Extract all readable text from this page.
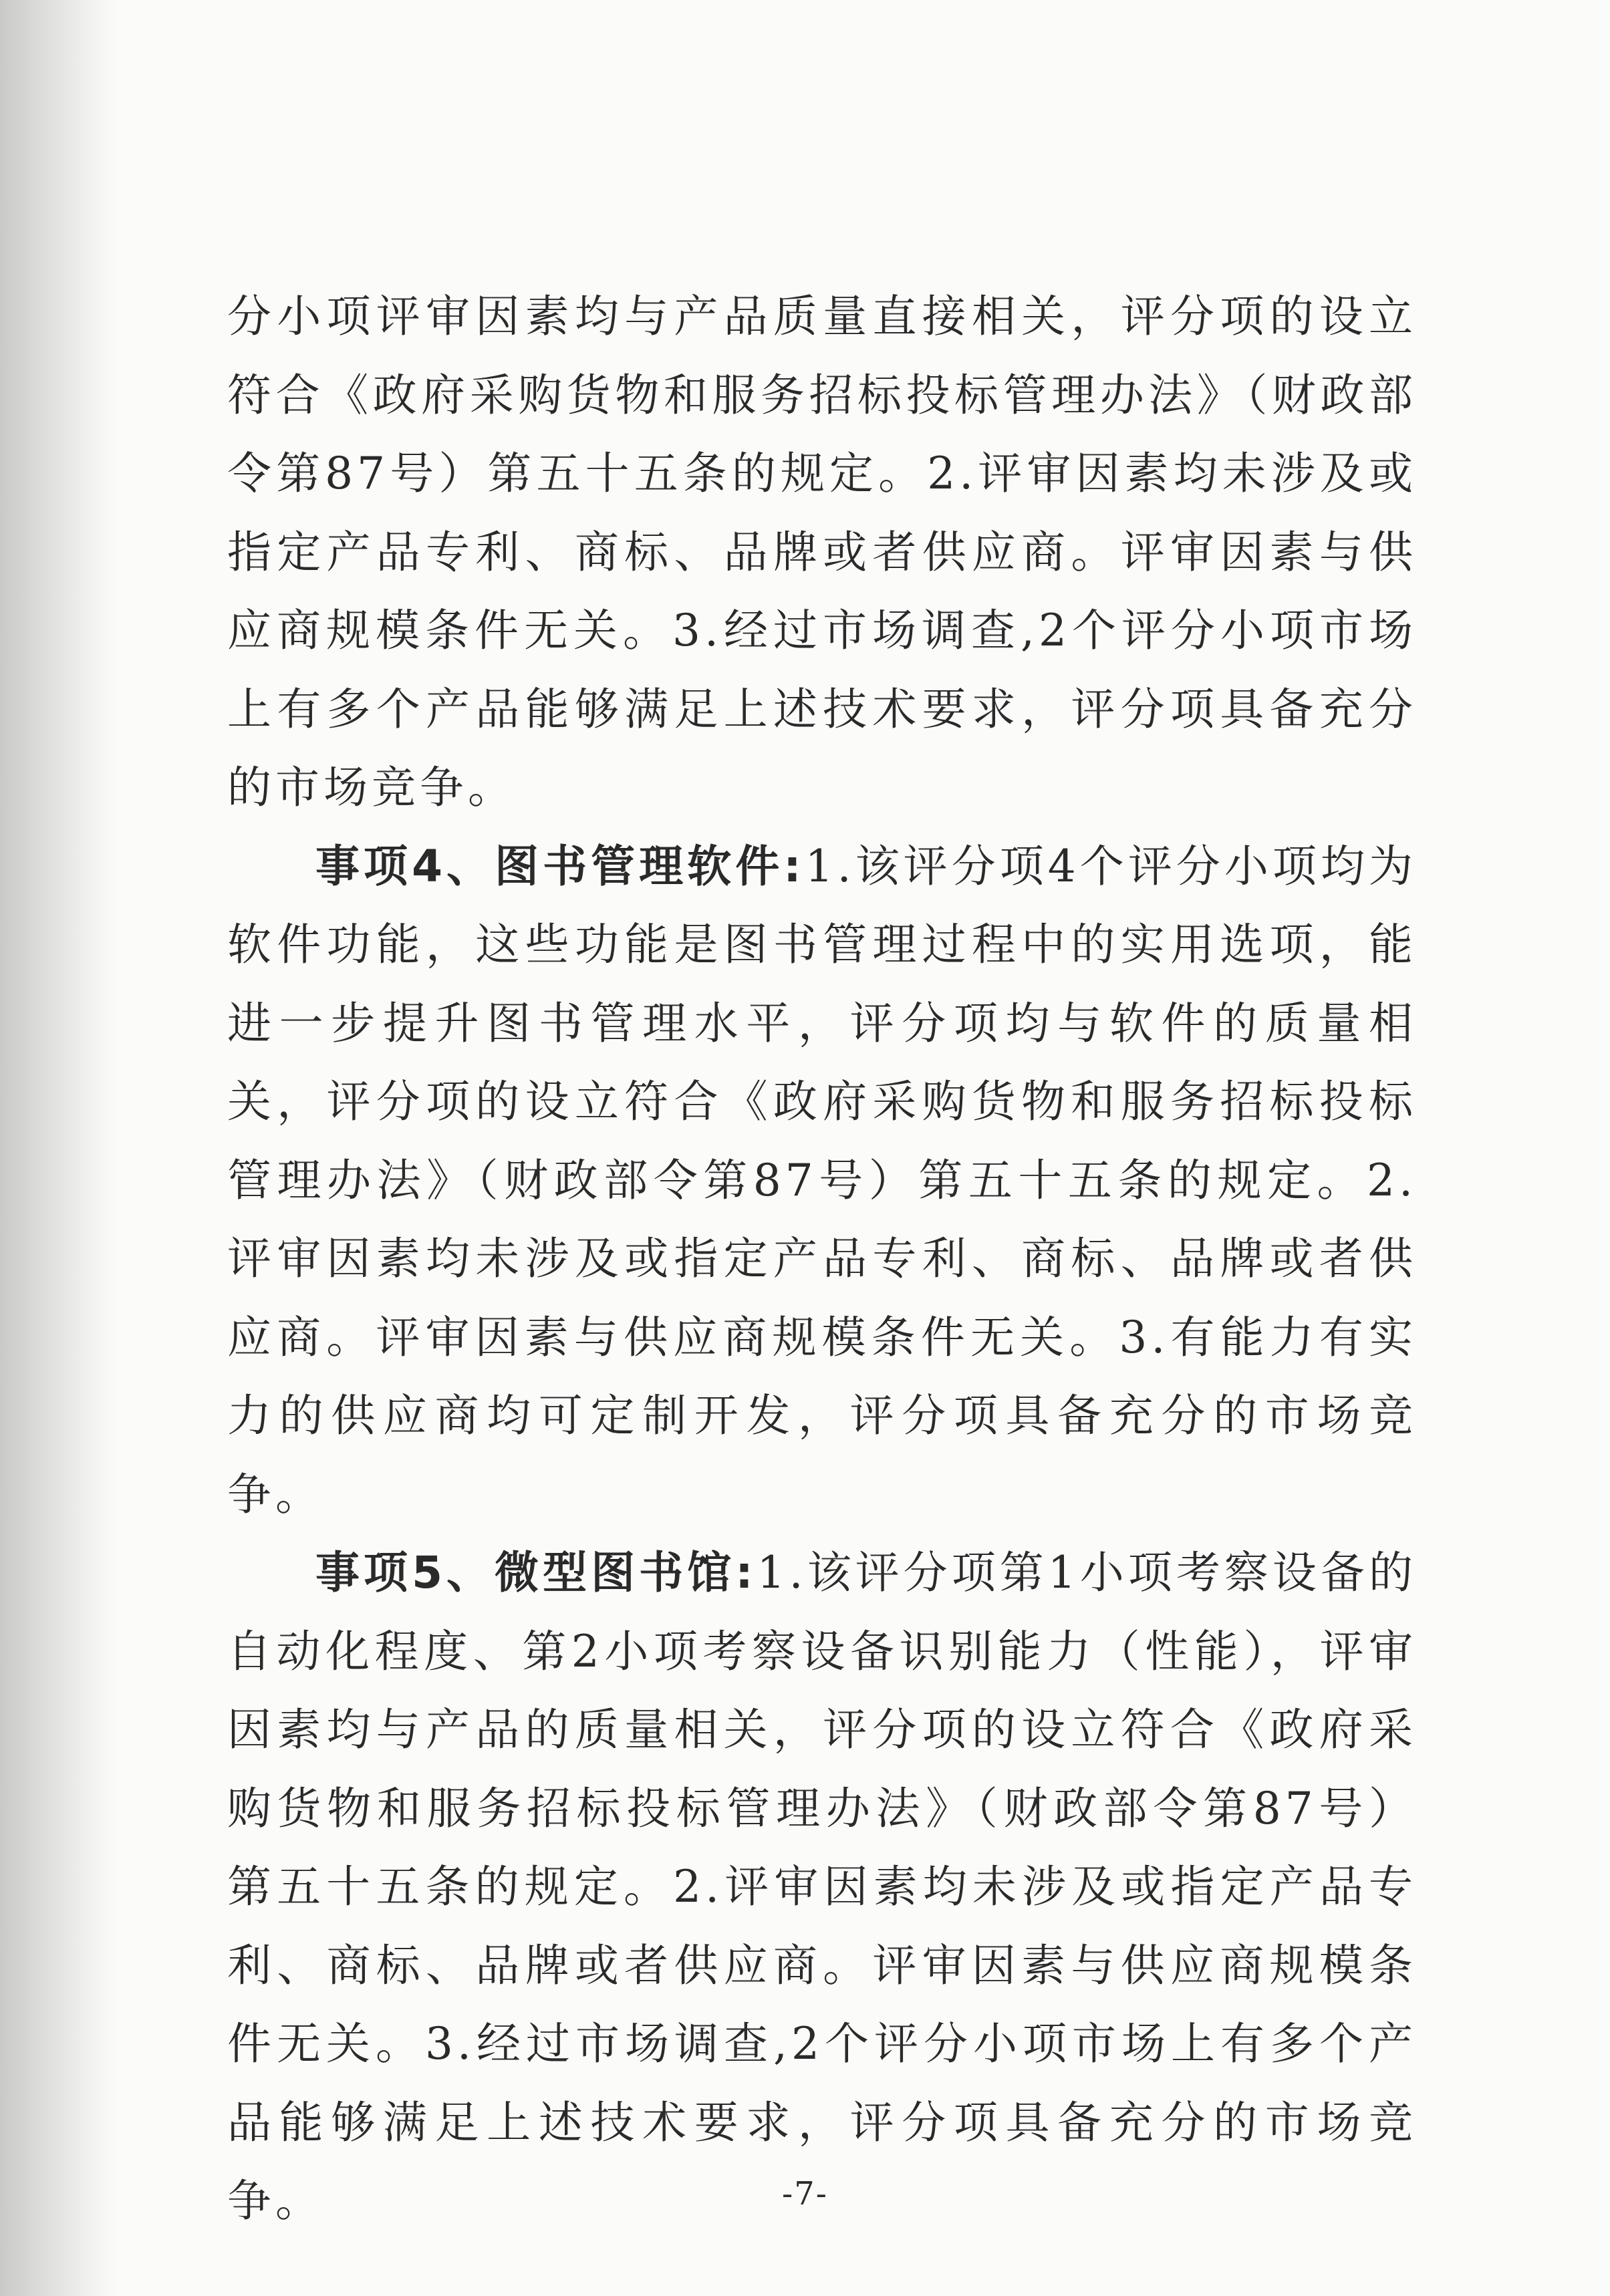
分小项评审因素均与产品质量直接相关，评分项的设立符合《政府采购货物和服务招标投标管理办法》（财政部令第87号）第五十五条的规定。2.评审因素均未涉及或指定产品专利、商标、品牌或者供应商。评审因素与供应商规模条件无关。3.经过市场调查,2个评分小项市场上有多个产品能够满足上述技术要求，评分项具备充分的市场竞争。

事项4、图书管理软件:1.该评分项4个评分小项均为软件功能，这些功能是图书管理过程中的实用选项，能进一步提升图书管理水平，评分项均与软件的质量相关，评分项的设立符合《政府采购货物和服务招标投标管理办法》（财政部令第87号）第五十五条的规定。2.评审因素均未涉及或指定产品专利、商标、品牌或者供应商。评审因素与供应商规模条件无关。3.有能力有实力的供应商均可定制开发，评分项具备充分的市场竞争。

事项5、微型图书馆:1.该评分项第1小项考察设备的自动化程度、第2小项考察设备识别能力（性能），评审因素均与产品的质量相关，评分项的设立符合《政府采购货物和服务招标投标管理办法》（财政部令第87号）第五十五条的规定。2.评审因素均未涉及或指定产品专利、商标、品牌或者供应商。评审因素与供应商规模条件无关。3.经过市场调查,2个评分小项市场上有多个产品能够满足上述技术要求，评分项具备充分的市场竞争。	-7-
